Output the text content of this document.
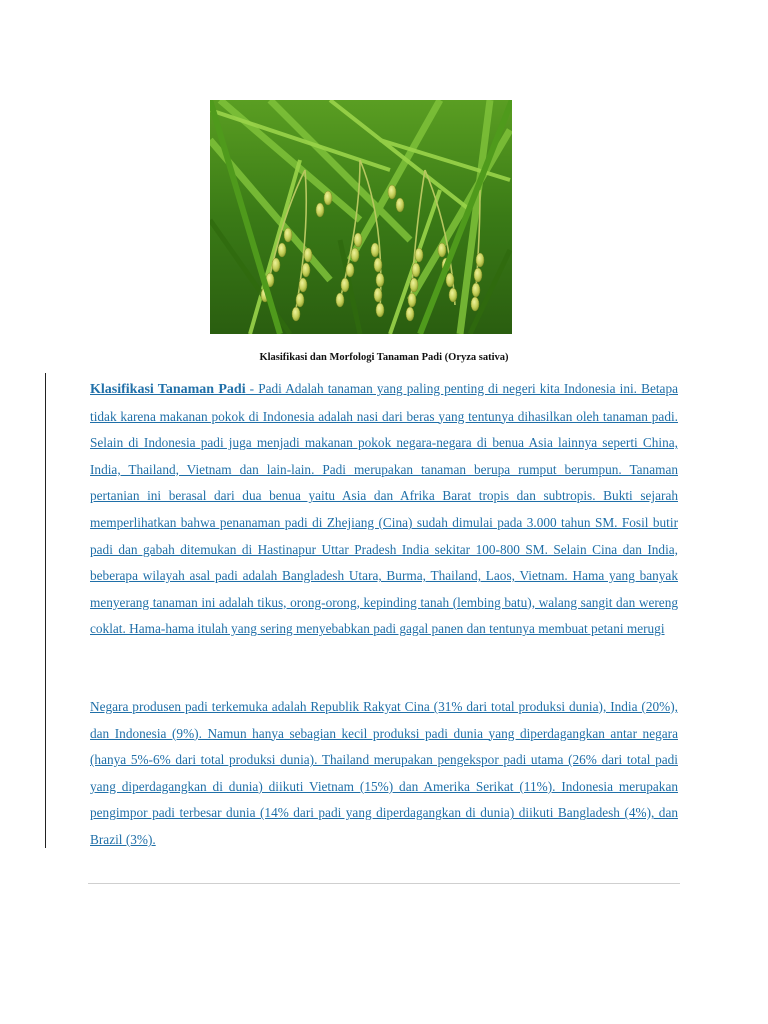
Klasifikasi dan Morfologi Tanaman Padi (Oryza sativa)

Klasifikasi Tanaman Padi - Padi Adalah tanaman yang paling penting di negeri kita Indonesia ini. Betapa tidak karena makanan pokok di Indonesia adalah nasi dari beras yang tentunya dihasilkan oleh tanaman padi. Selain di Indonesia padi juga menjadi makanan pokok negara-negara di benua Asia lainnya seperti China, India, Thailand, Vietnam dan lain-lain. Padi merupakan tanaman berupa rumput berumpun. Tanaman pertanian ini berasal dari dua benua yaitu Asia dan Afrika Barat tropis dan subtropis. Bukti sejarah memperlihatkan bahwa penanaman padi di Zhejiang (Cina) sudah dimulai pada 3.000 tahun SM. Fosil butir padi dan gabah ditemukan di Hastinapur Uttar Pradesh India sekitar 100-800 SM. Selain Cina dan India, beberapa wilayah asal padi adalah Bangladesh Utara, Burma, Thailand, Laos, Vietnam. Hama yang banyak menyerang tanaman ini adalah tikus, orong-orong, kepinding tanah (lembing batu), walang sangit dan wereng coklat. Hama-hama itulah yang sering menyebabkan padi gagal panen dan tentunya membuat petani merugi

Negara produsen padi terkemuka adalah Republik Rakyat Cina (31% dari total produksi dunia), India (20%), dan Indonesia (9%). Namun hanya sebagian kecil produksi padi dunia yang diperdagangkan antar negara (hanya 5%-6% dari total produksi dunia). Thailand merupakan pengekspor padi utama (26% dari total padi yang diperdagangkan di dunia) diikuti Vietnam (15%) dan Amerika Serikat (11%). Indonesia merupakan pengimpor padi terbesar dunia (14% dari padi yang diperdagangkan di dunia) diikuti Bangladesh (4%), dan Brazil (3%).
